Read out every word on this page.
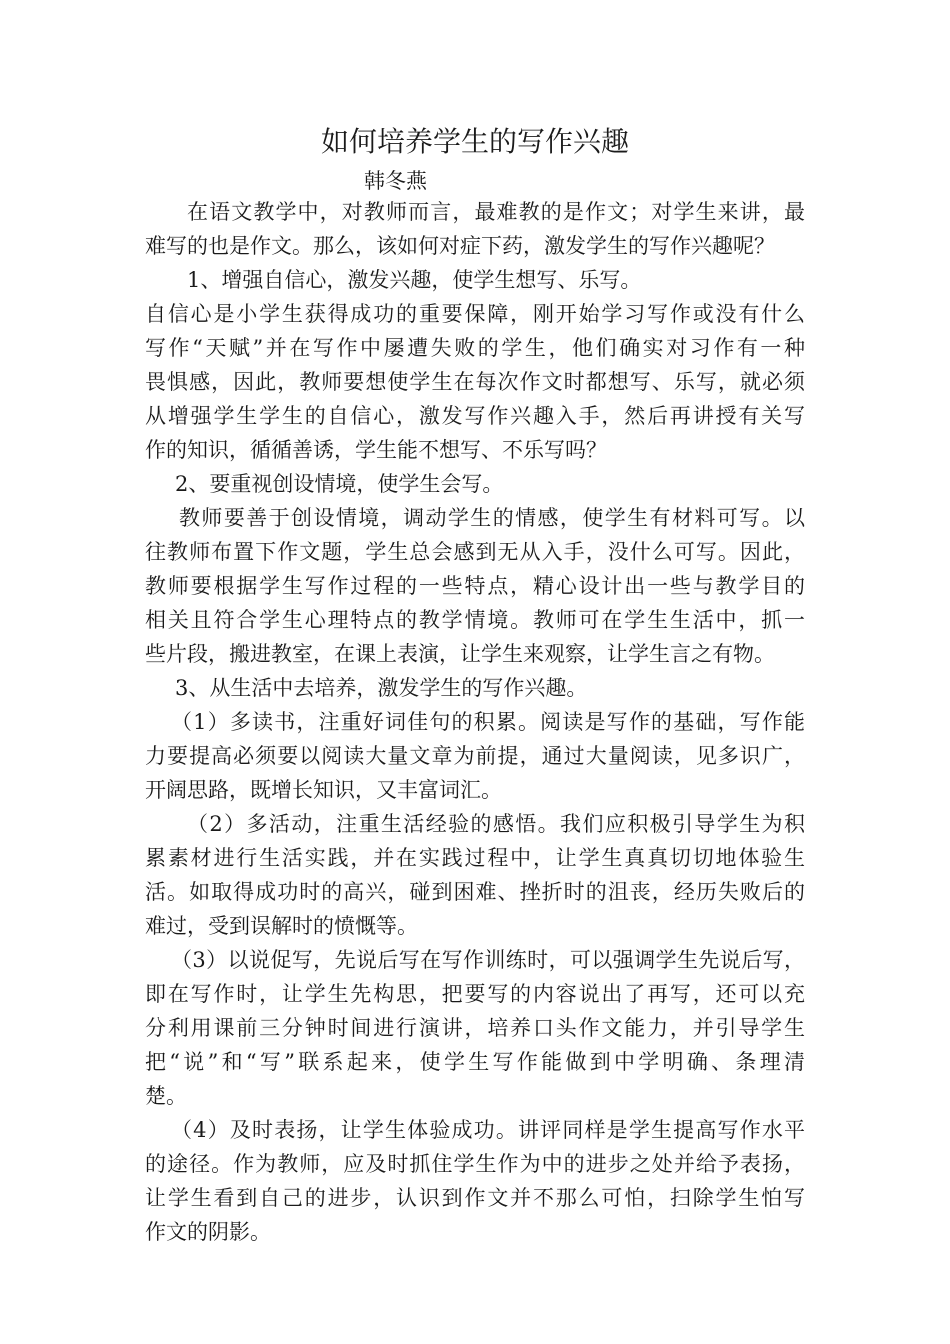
如何培养学生的写作兴趣
韩冬燕
在语文教学中，对教师而言，最难教的是作文；对学生来讲，最
难写的也是作文。那么，该如何对症下药，激发学生的写作兴趣呢？
1、增强自信心，激发兴趣，使学生想写、乐写。
自信心是小学生获得成功的重要保障，刚开始学习写作或没有什么
写作“天赋”并在写作中屡遭失败的学生，他们确实对习作有一种
畏惧感，因此，教师要想使学生在每次作文时都想写、乐写，就必须
从增强学生学生的自信心，激发写作兴趣入手，然后再讲授有关写
作的知识，循循善诱，学生能不想写、不乐写吗？
2、要重视创设情境，使学生会写。
教师要善于创设情境，调动学生的情感，使学生有材料可写。以
往教师布置下作文题，学生总会感到无从入手，没什么可写。因此，
教师要根据学生写作过程的一些特点，精心设计出一些与教学目的
相关且符合学生心理特点的教学情境。教师可在学生生活中，抓一
些片段，搬进教室，在课上表演，让学生来观察，让学生言之有物。
3、从生活中去培养，激发学生的写作兴趣。
（1）多读书，注重好词佳句的积累。阅读是写作的基础，写作能
力要提高必须要以阅读大量文章为前提，通过大量阅读，见多识广，
开阔思路，既增长知识，又丰富词汇。
（2）多活动，注重生活经验的感悟。我们应积极引导学生为积
累素材进行生活实践，并在实践过程中，让学生真真切切地体验生
活。如取得成功时的高兴，碰到困难、挫折时的沮丧，经历失败后的
难过，受到误解时的愤慨等。
（3）以说促写，先说后写在写作训练时，可以强调学生先说后写，
即在写作时，让学生先构思，把要写的内容说出了再写，还可以充
分利用课前三分钟时间进行演讲，培养口头作文能力，并引导学生
把“说”和“写”联系起来，使学生写作能做到中学明确、条理清
楚。
（4）及时表扬，让学生体验成功。讲评同样是学生提高写作水平
的途径。作为教师，应及时抓住学生作为中的进步之处并给予表扬，
让学生看到自己的进步，认识到作文并不那么可怕，扫除学生怕写
作文的阴影。
